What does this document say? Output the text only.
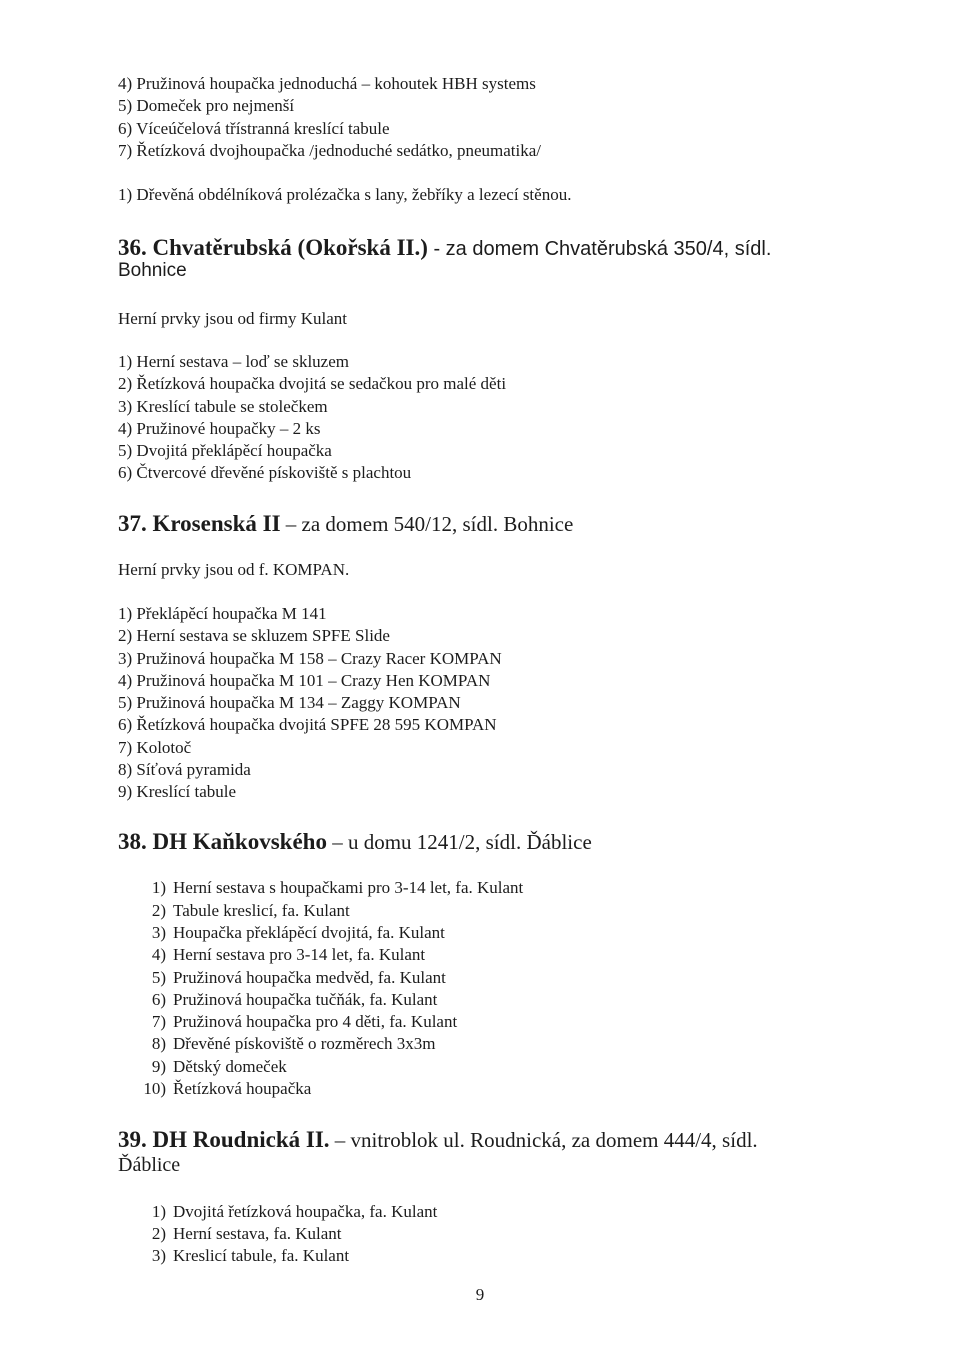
4) Pružinová houpačka jednoduchá – kohoutek HBH systems
5) Domeček pro nejmenší
6) Víceúčelová třístranná kreslící tabule
7) Řetízková dvojhoupačka /jednoduché sedátko, pneumatika/
1) Dřevěná obdélníková prolézačka s lany, žebříky a lezecí stěnou.
36. Chvatěrubská (Okořská II.) - za domem Chvatěrubská 350/4, sídl.
Bohnice
Herní prvky jsou od firmy Kulant
1) Herní sestava – loď se skluzem
2) Řetízková houpačka dvojitá se sedačkou pro malé děti
3) Kreslící tabule se stolečkem
4) Pružinové houpačky – 2 ks
5) Dvojitá překlápěcí houpačka
6) Čtvercové dřevěné pískoviště s plachtou
37. Krosenská II – za domem 540/12, sídl. Bohnice
Herní prvky jsou od f. KOMPAN.
1) Překlápěcí houpačka M 141
2) Herní sestava se skluzem SPFE Slide
3) Pružinová houpačka M 158 – Crazy Racer KOMPAN
4) Pružinová houpačka M 101 – Crazy Hen KOMPAN
5) Pružinová houpačka M 134 – Zaggy KOMPAN
6) Řetízková houpačka dvojitá SPFE 28 595 KOMPAN
7) Kolotoč
8) Síťová pyramida
9) Kreslící tabule
38. DH Kaňkovského – u domu 1241/2, sídl. Ďáblice
1) Herní sestava s houpačkami pro 3-14 let, fa. Kulant
2) Tabule kreslicí, fa. Kulant
3) Houpačka překlápěcí dvojitá, fa. Kulant
4) Herní sestava pro 3-14 let, fa. Kulant
5) Pružinová houpačka medvěd, fa. Kulant
6) Pružinová houpačka tučňák, fa. Kulant
7) Pružinová houpačka pro 4 děti, fa. Kulant
8) Dřevěné pískoviště o rozměrech 3x3m
9) Dětský domeček
10) Řetízková houpačka
39. DH Roudnická II. – vnitroblok ul. Roudnická, za domem 444/4, sídl.
Ďáblice
1) Dvojitá řetízková houpačka, fa. Kulant
2) Herní sestava, fa. Kulant
3) Kreslicí tabule, fa. Kulant
9
